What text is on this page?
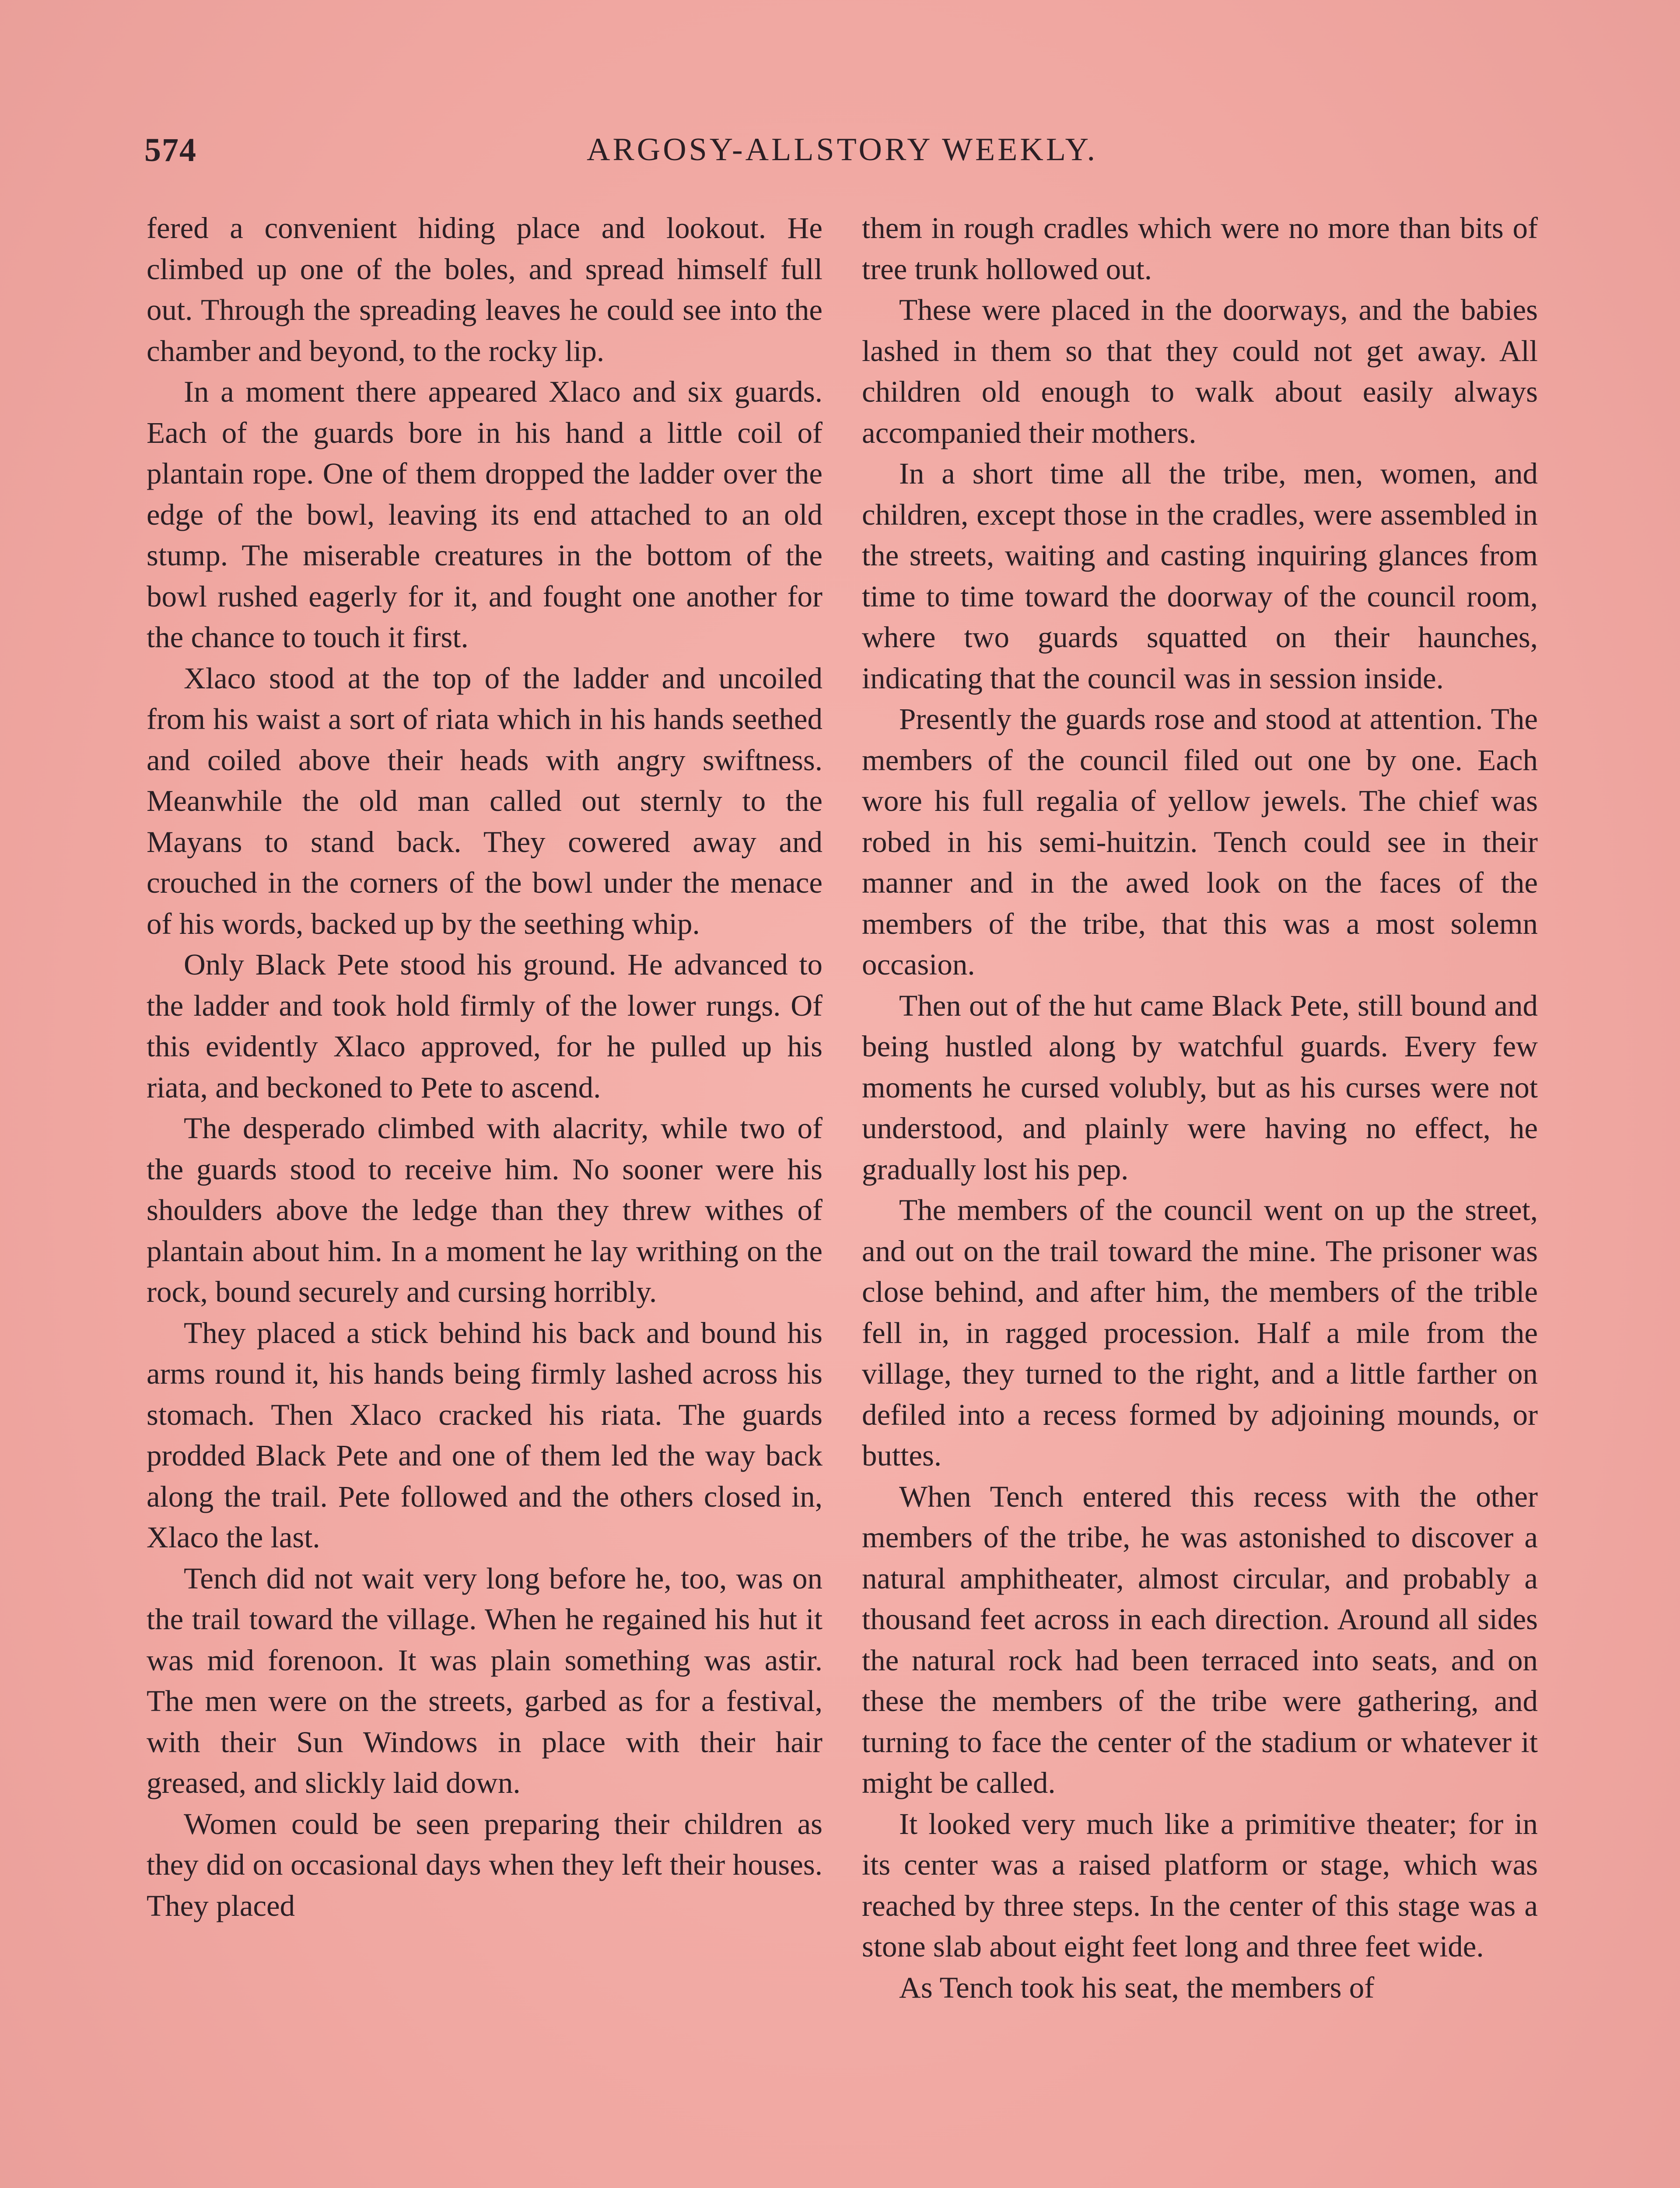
574	ARGOSY-ALLSTORY WEEKLY.

fered a convenient hiding place and lookout. He climbed up one of the boles, and spread himself full out. Through the spreading leaves he could see into the chamber and beyond, to the rocky lip.

In a moment there appeared Xlaco and six guards. Each of the guards bore in his hand a little coil of plantain rope. One of them dropped the ladder over the edge of the bowl, leaving its end attached to an old stump. The miserable creatures in the bottom of the bowl rushed eagerly for it, and fought one another for the chance to touch it first.

Xlaco stood at the top of the ladder and uncoiled from his waist a sort of riata which in his hands seethed and coiled above their heads with angry swiftness. Meanwhile the old man called out sternly to the Mayans to stand back. They cowered away and crouched in the corners of the bowl under the menace of his words, backed up by the seething whip.

Only Black Pete stood his ground. He advanced to the ladder and took hold firmly of the lower rungs. Of this evidently Xlaco approved, for he pulled up his riata, and beckoned to Pete to ascend.

The desperado climbed with alacrity, while two of the guards stood to receive him. No sooner were his shoulders above the ledge than they threw withes of plantain about him. In a moment he lay writhing on the rock, bound securely and cursing horribly.

They placed a stick behind his back and bound his arms round it, his hands being firmly lashed across his stomach. Then Xlaco cracked his riata. The guards prodded Black Pete and one of them led the way back along the trail. Pete followed and the others closed in, Xlaco the last.

Tench did not wait very long before he, too, was on the trail toward the village. When he regained his hut it was mid forenoon. It was plain something was astir. The men were on the streets, garbed as for a festival, with their Sun Windows in place with their hair greased, and slickly laid down.

Women could be seen preparing their children as they did on occasional days when they left their houses. They placed

them in rough cradles which were no more than bits of tree trunk hollowed out.

These were placed in the doorways, and the babies lashed in them so that they could not get away. All children old enough to walk about easily always accompanied their mothers.

In a short time all the tribe, men, women, and children, except those in the cradles, were assembled in the streets, waiting and casting inquiring glances from time to time toward the doorway of the council room, where two guards squatted on their haunches, indicating that the council was in session inside.

Presently the guards rose and stood at attention. The members of the council filed out one by one. Each wore his full regalia of yellow jewels. The chief was robed in his semi-huitzin. Tench could see in their manner and in the awed look on the faces of the members of the tribe, that this was a most solemn occasion.

Then out of the hut came Black Pete, still bound and being hustled along by watchful guards. Every few moments he cursed volubly, but as his curses were not understood, and plainly were having no effect, he gradually lost his pep.

The members of the council went on up the street, and out on the trail toward the mine. The prisoner was close behind, and after him, the members of the trible fell in, in ragged procession. Half a mile from the village, they turned to the right, and a little farther on defiled into a recess formed by adjoining mounds, or buttes.

When Tench entered this recess with the other members of the tribe, he was astonished to discover a natural amphitheater, almost circular, and probably a thousand feet across in each direction. Around all sides the natural rock had been terraced into seats, and on these the members of the tribe were gathering, and turning to face the center of the stadium or whatever it might be called.

It looked very much like a primitive theater; for in its center was a raised platform or stage, which was reached by three steps. In the center of this stage was a stone slab about eight feet long and three feet wide.

As Tench took his seat, the members of
